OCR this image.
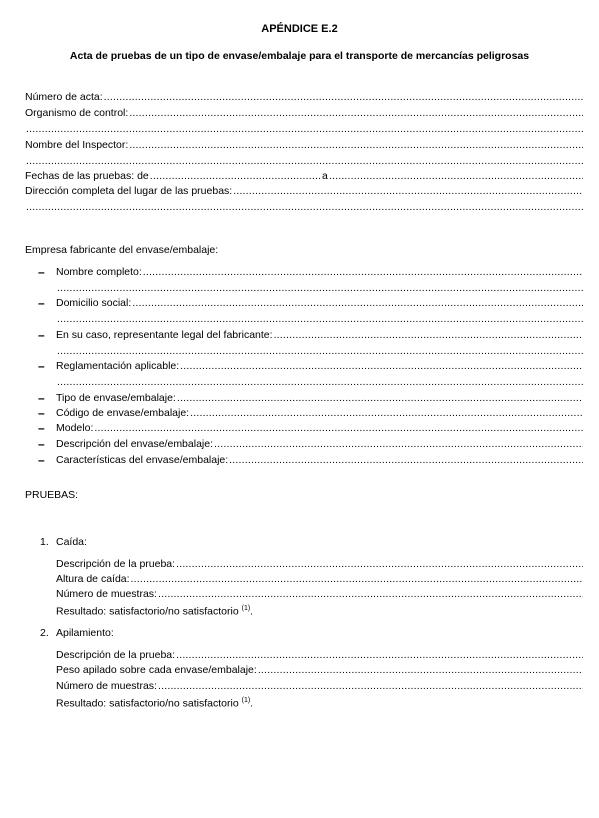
APÉNDICE E.2
Acta de pruebas de un tipo de envase/embalaje para el transporte de mercancías peligrosas
Número de acta:
.....
Organismo de control:
.....
.....
Nombre del Inspector:
.....
.....
Fechas de las pruebas: de
.....	a
.....
Dirección completa del lugar de las pruebas:
.....
.....
Empresa fabricante del envase/embalaje:
– Nombre completo:
.....
.....
– Domicilio social:
.....
.....
– En su caso, representante legal del fabricante:
.....
.....
– Reglamentación aplicable:
.....
.....
– Tipo de envase/embalaje:
.....
– Código de envase/embalaje:
.....
– Modelo:
.....
– Descripción del envase/embalaje:
.....
– Características del envase/embalaje:
.....
PRUEBAS:
1. Caída:
Descripción de la prueba:
.....
Altura de caída:
.....
Número de muestras:
.....
Resultado: satisfactorio/no satisfactorio $^{(1)}$.
2. Apilamiento:
Descripción de la prueba:
.....
Peso apilado sobre cada envase/embalaje:
.....
Número de muestras:
.....
Resultado: satisfactorio/no satisfactorio $^{(1)}$.
